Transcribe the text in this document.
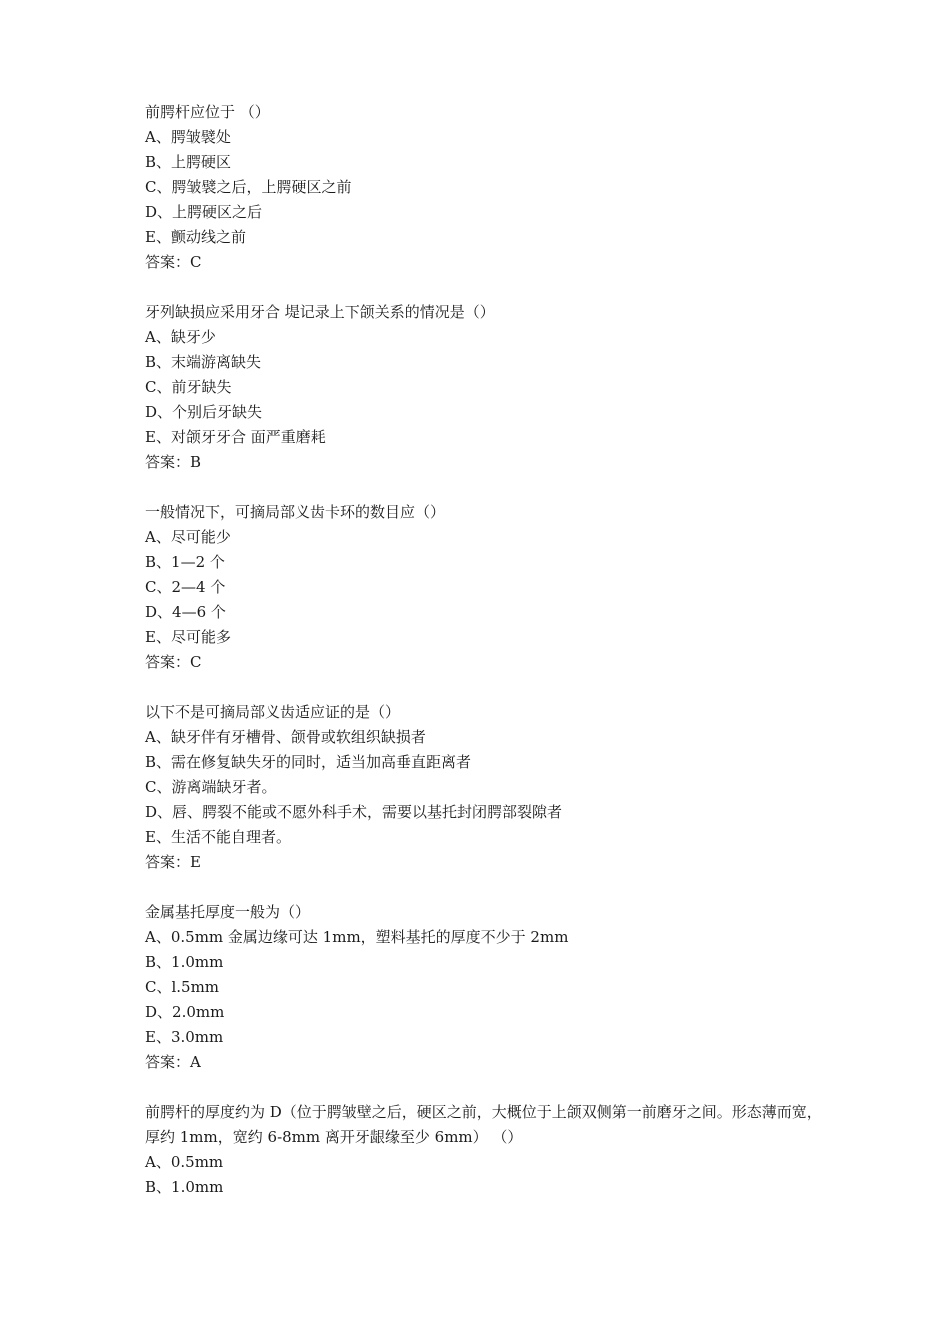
前腭杆应位于 （）

A、腭皱襞处

B、上腭硬区

C、腭皱襞之后，上腭硬区之前

D、上腭硬区之后

E、颤动线之前

答案：C

牙列缺损应采用牙合 堤记录上下颌关系的情况是（）

A、缺牙少

B、末端游离缺失

C、前牙缺失

D、个别后牙缺失

E、对颌牙牙合 面严重磨耗

答案：B

一般情况下，可摘局部义齿卡环的数目应（）

A、尽可能少

B、1—2 个

C、2—4 个

D、4—6 个

E、尽可能多

答案：C

以下不是可摘局部义齿适应证的是（）

A、缺牙伴有牙槽骨、颌骨或软组织缺损者

B、需在修复缺失牙的同时，适当加高垂直距离者

C、游离端缺牙者。

D、唇、腭裂不能或不愿外科手术，需要以基托封闭腭部裂隙者

E、生活不能自理者。

答案：E

金属基托厚度一般为（）

A、0.5mm 金属边缘可达 1mm，塑料基托的厚度不少于 2mm

B、1.0mm

C、l.5mm

D、2.0mm

E、3.0mm

答案：A

前腭杆的厚度约为 D（位于腭皱壁之后，硬区之前，大概位于上颌双侧第一前磨牙之间。形态薄而宽，厚约 1mm，宽约 6-8mm 离开牙龈缘至少 6mm） （）

A、0.5mm

B、1.0mm
